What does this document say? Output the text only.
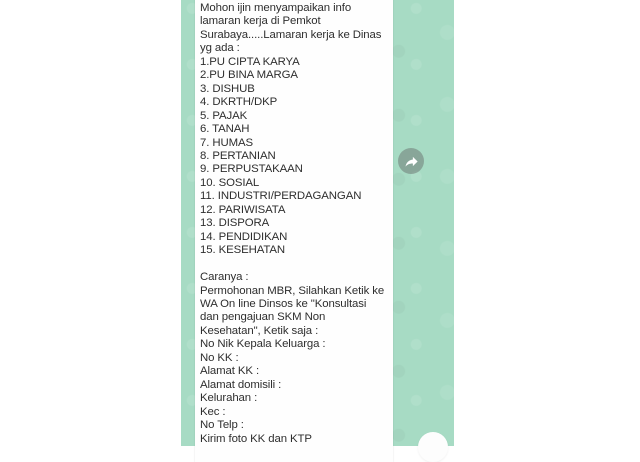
Mohon ijin menyampaikan info
lamaran kerja di Pemkot
Surabaya.....Lamaran kerja ke Dinas
yg ada :
1.PU CIPTA KARYA
2.PU BINA MARGA
3. DISHUB
4. DKRTH/DKP
5. PAJAK
6. TANAH
7. HUMAS
8. PERTANIAN
9. PERPUSTAKAAN
10. SOSIAL
11. INDUSTRI/PERDAGANGAN
12. PARIWISATA
13. DISPORA
14. PENDIDIKAN
15. KESEHATAN

Caranya :
Permohonan MBR, Silahkan Ketik ke
WA On line Dinsos ke "Konsultasi
dan pengajuan SKM Non
Kesehatan", Ketik saja :
No Nik Kepala Keluarga :
No KK :
Alamat KK :
Alamat domisili :
Kelurahan :
Kec :
No Telp :
Kirim foto KK dan KTP
